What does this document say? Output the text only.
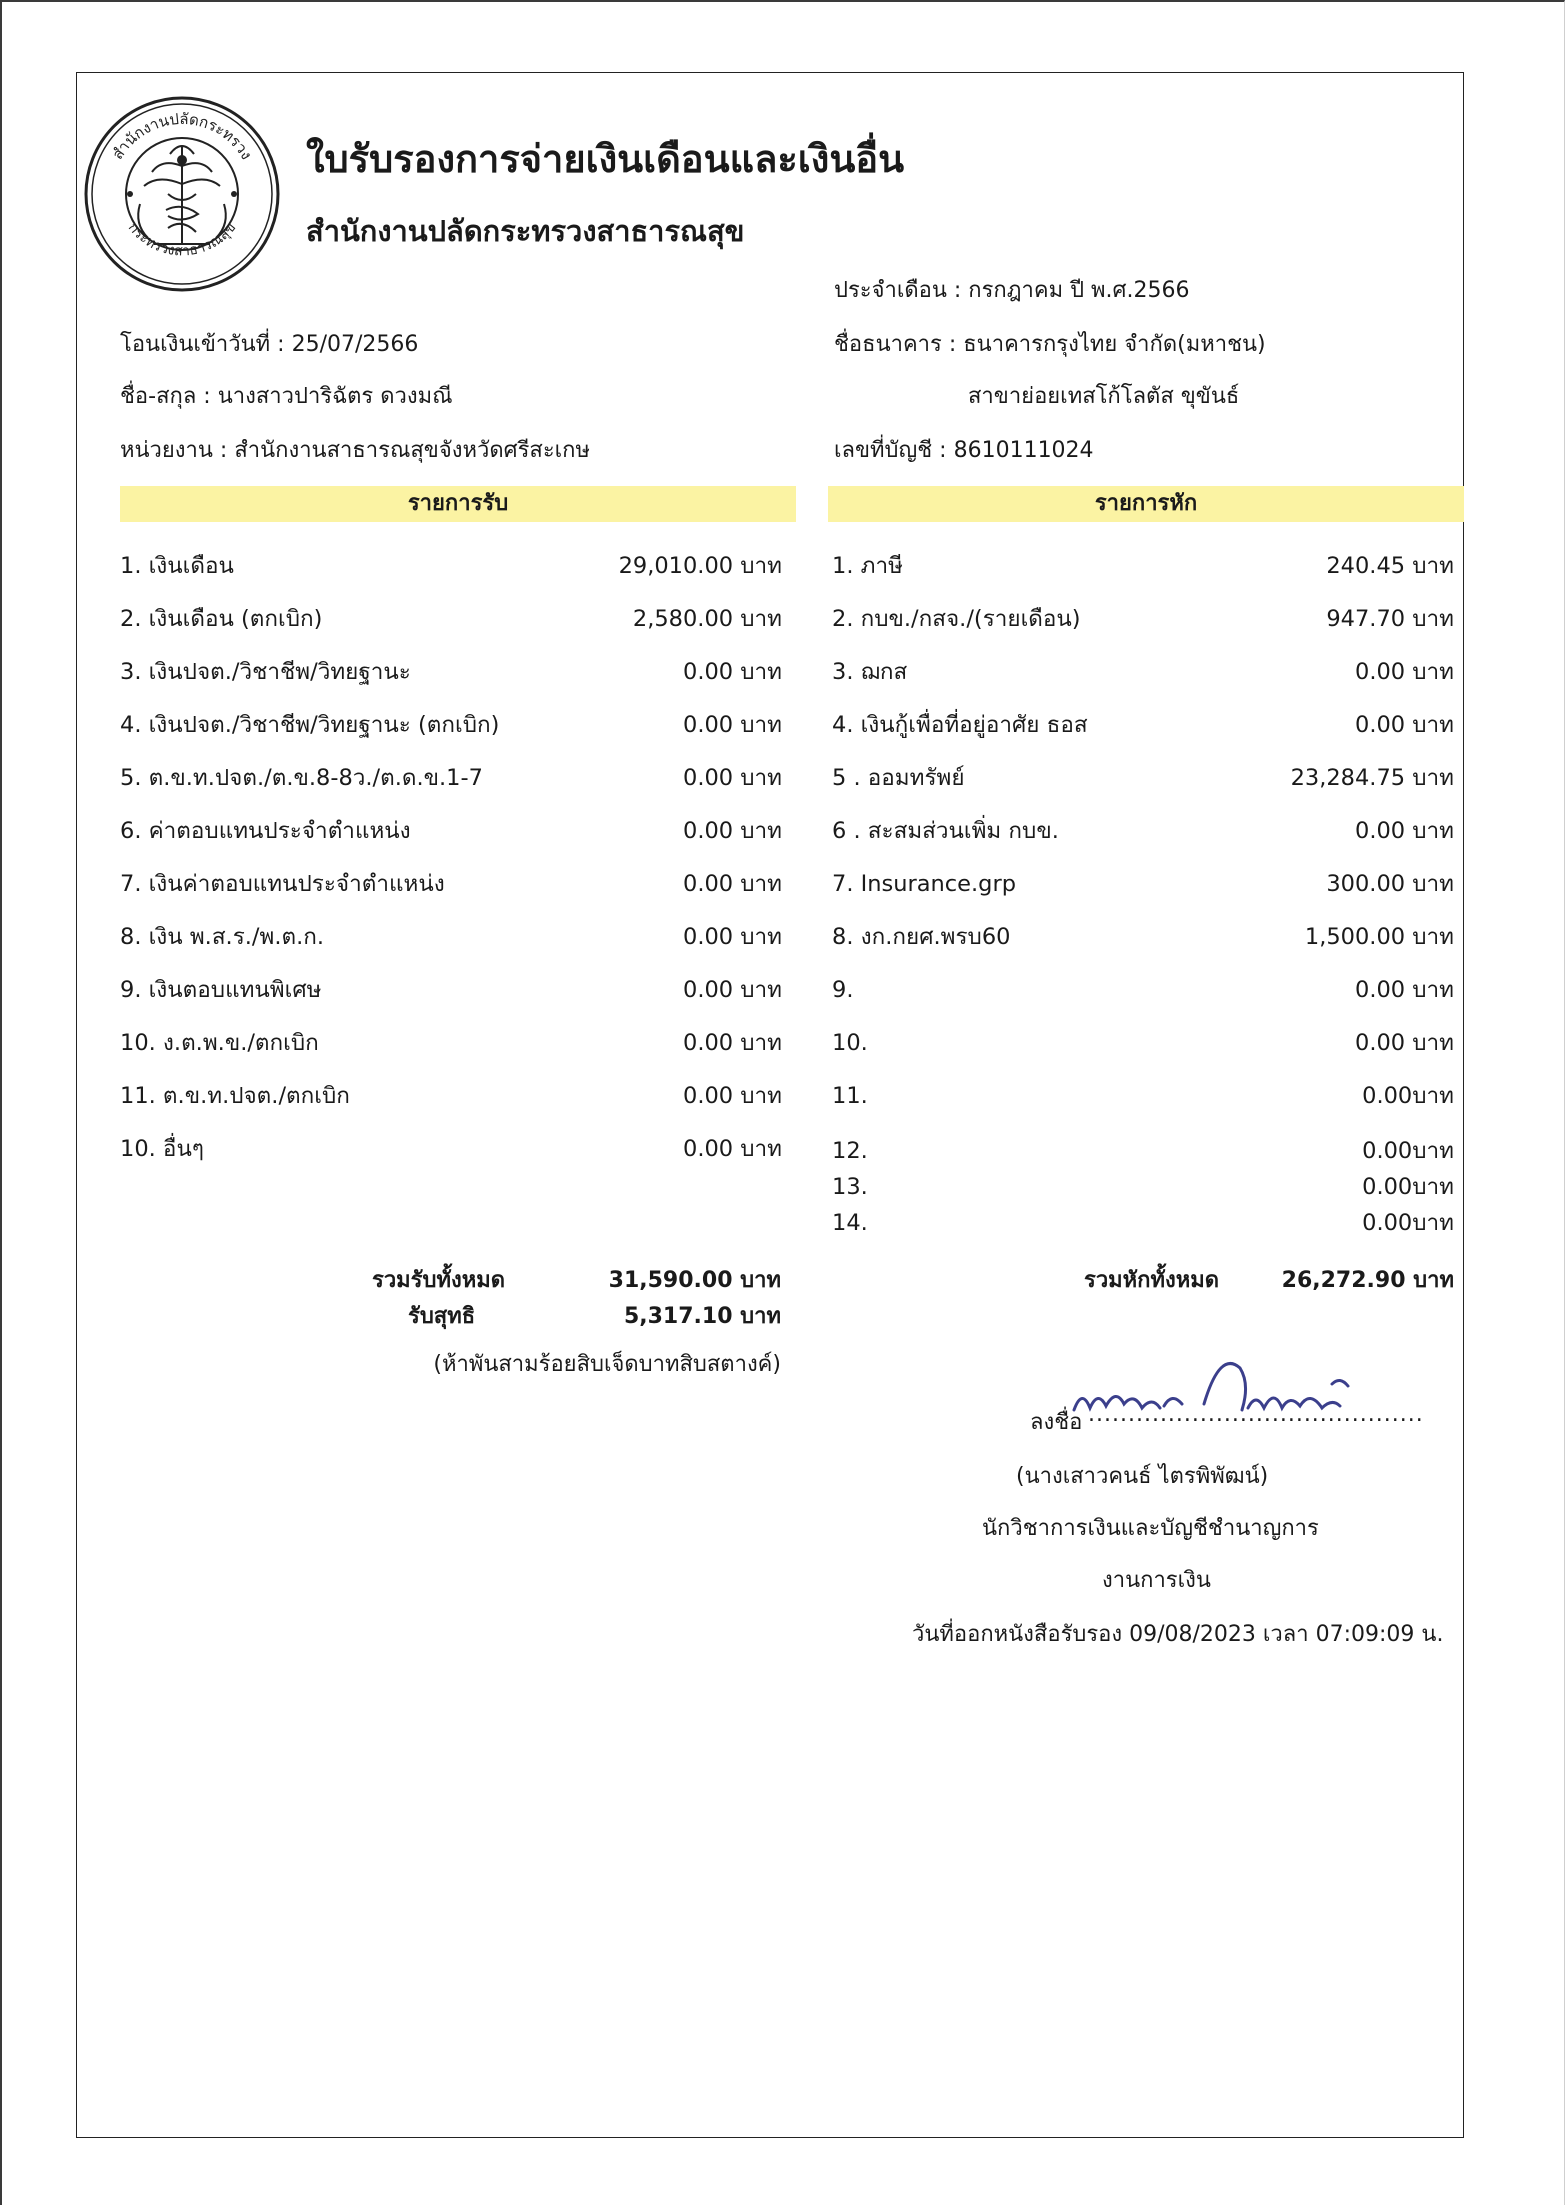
สำนักงานปลัดกระทรวง
กระทรวงสาธารณสุข
ใบรับรองการจ่ายเงินเดือนและเงินอื่น
สำนักงานปลัดกระทรวงสาธารณสุข
ประจำเดือน : กรกฎาคม ปี พ.ศ.2566
โอนเงินเข้าวันที่ : 25/07/2566	ชื่อธนาคาร : ธนาคารกรุงไทย จำกัด(มหาชน)
ชื่อ-สกุล : นางสาวปาริฉัตร ดวงมณี	สาขาย่อยเทสโก้โลตัส ขุขันธ์
หน่วยงาน : สำนักงานสาธารณสุขจังหวัดศรีสะเกษ	เลขที่บัญชี : 8610111024
รายการรับ	รายการหัก
1. เงินเดือน	29,010.00 บาท
2. เงินเดือน (ตกเบิก)	2,580.00 บาท
3. เงินปจต./วิชาชีพ/วิทยฐานะ	0.00 บาท
4. เงินปจต./วิชาชีพ/วิทยฐานะ (ตกเบิก)	0.00 บาท
5. ต.ข.ท.ปจต./ต.ข.8-8ว./ต.ด.ข.1-7	0.00 บาท
6. ค่าตอบแทนประจำตำแหน่ง	0.00 บาท
7. เงินค่าตอบแทนประจำตำแหน่ง	0.00 บาท
8. เงิน พ.ส.ร./พ.ต.ก.	0.00 บาท
9. เงินตอบแทนพิเศษ	0.00 บาท
10. ง.ต.พ.ข./ตกเบิก	0.00 บาท
11. ต.ข.ท.ปจต./ตกเบิก	0.00 บาท
10. อื่นๆ	0.00 บาท
1. ภาษี	240.45 บาท
2. กบข./กสจ./(รายเดือน)	947.70 บาท
3. ฌกส	0.00 บาท
4. เงินกู้เพื่อที่อยู่อาศัย ธอส	0.00 บาท
5 . ออมทรัพย์	23,284.75 บาท
6 . สะสมส่วนเพิ่ม กบข.	0.00 บาท
7. Insurance.grp	300.00 บาท
8. งก.กยศ.พรบ60	1,500.00 บาท
9.	0.00 บาท
10.	0.00 บาท
11.	0.00บาท
12.	0.00บาท
13.	0.00บาท
14.	0.00บาท
รวมรับทั้งหมด	31,590.00 บาท
รับสุทธิ	5,317.10 บาท
(ห้าพันสามร้อยสิบเจ็ดบาทสิบสตางค์)
รวมหักทั้งหมด	26,272.90 บาท
ลงชื่อ ..........................................
(นางเสาวคนธ์ ไตรพิพัฒน์)
นักวิชาการเงินและบัญชีชำนาญการ
งานการเงิน
วันที่ออกหนังสือรับรอง 09/08/2023 เวลา 07:09:09 น.
